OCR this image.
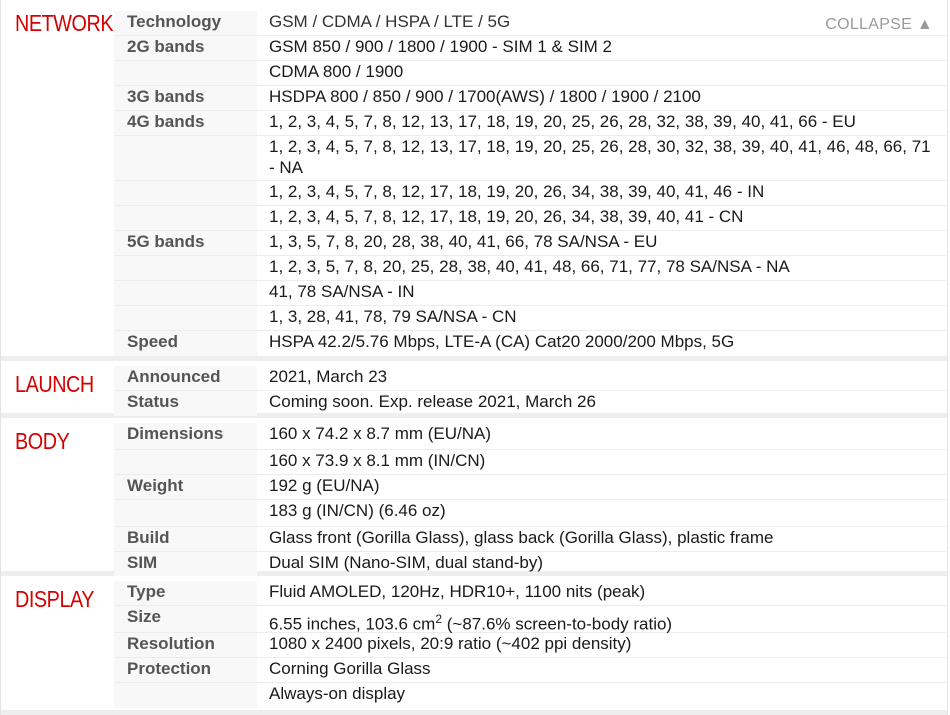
NETWORK	COLLAPSE ▲
Technology	GSM / CDMA / HSPA / LTE / 5G
2G bands	GSM 850 / 900 / 1800 / 1900 - SIM 1 & SIM 2
CDMA 800 / 1900
3G bands	HSDPA 800 / 850 / 900 / 1700(AWS) / 1800 / 1900 / 2100
4G bands	1, 2, 3, 4, 5, 7, 8, 12, 13, 17, 18, 19, 20, 25, 26, 28, 32, 38, 39, 40, 41, 66 - EU
1, 2, 3, 4, 5, 7, 8, 12, 13, 17, 18, 19, 20, 25, 26, 28, 30, 32, 38, 39, 40, 41, 46, 48, 66, 71 - NA
1, 2, 3, 4, 5, 7, 8, 12, 17, 18, 19, 20, 26, 34, 38, 39, 40, 41, 46 - IN
1, 2, 3, 4, 5, 7, 8, 12, 17, 18, 19, 20, 26, 34, 38, 39, 40, 41 - CN
5G bands	1, 3, 5, 7, 8, 20, 28, 38, 40, 41, 66, 78 SA/NSA - EU
1, 2, 3, 5, 7, 8, 20, 25, 28, 38, 40, 41, 48, 66, 71, 77, 78 SA/NSA - NA
41, 78 SA/NSA - IN
1, 3, 28, 41, 78, 79 SA/NSA - CN
Speed	HSPA 42.2/5.76 Mbps, LTE-A (CA) Cat20 2000/200 Mbps, 5G
LAUNCH Announced	2021, March 23
Status	Coming soon. Exp. release 2021, March 26
BODY	Dimensions	160 x 74.2 x 8.7 mm (EU/NA)
160 x 73.9 x 8.1 mm (IN/CN)
Weight	192 g (EU/NA)
183 g (IN/CN) (6.46 oz)
Build	Glass front (Gorilla Glass), glass back (Gorilla Glass), plastic frame
SIM	Dual SIM (Nano-SIM, dual stand-by)
DISPLAY Type	Fluid AMOLED, 120Hz, HDR10+, 1100 nits (peak)
Size	6.55 inches, 103.6 $cm^2$ (~87.6% screen-to-body ratio)
Resolution	1080 x 2400 pixels, 20:9 ratio (~402 ppi density)
Protection	Corning Gorilla Glass
Always-on display
